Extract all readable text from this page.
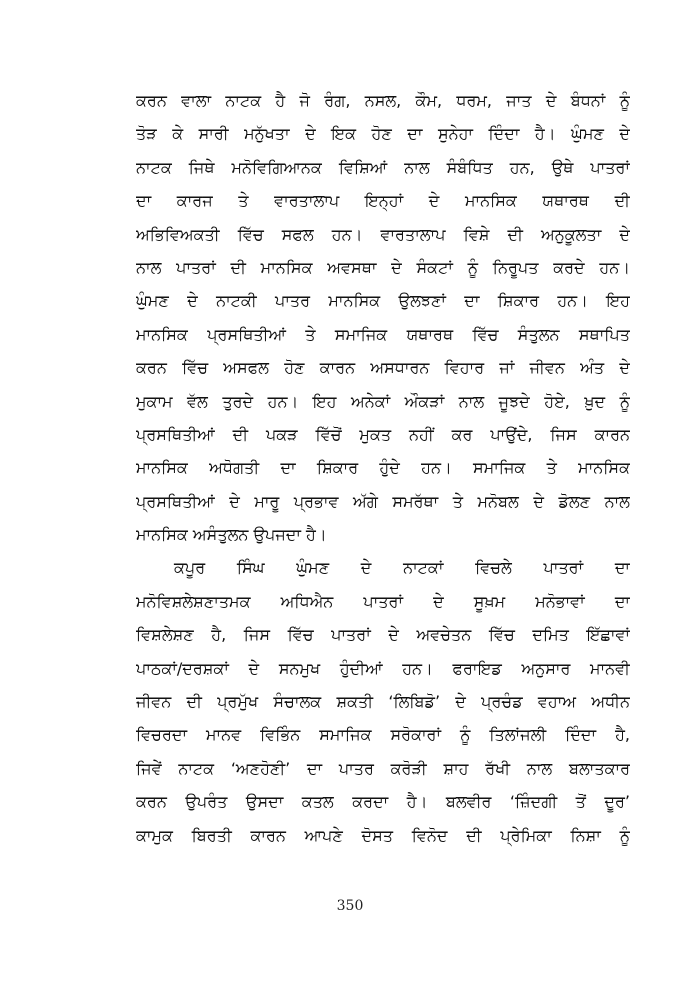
ਕਰਨ ਵਾਲਾ ਨਾਟਕ ਹੈ ਜੋ ਰੰਗ, ਨਸਲ, ਕੌਮ, ਧਰਮ, ਜਾਤ ਦੇ ਬੰਧਨਾਂ ਨੂੰ
ਤੋੜ ਕੇ ਸਾਰੀ ਮਨੁੱਖਤਾ ਦੇ ਇਕ ਹੋਣ ਦਾ ਸੁਨੇਹਾ ਦਿੰਦਾ ਹੈ। ਘੁੰਮਣ ਦੇ
ਨਾਟਕ ਜਿਥੇ ਮਨੋਵਿਗਿਆਨਕ ਵਿਸ਼ਿਆਂ ਨਾਲ ਸੰਬੰਧਿਤ ਹਨ, ਉਥੇ ਪਾਤਰਾਂ
ਦਾ ਕਾਰਜ ਤੇ ਵਾਰਤਾਲਾਪ ਇਨ੍ਹਾਂ ਦੇ ਮਾਨਸਿਕ ਯਥਾਰਥ ਦੀ
ਅਭਿਵਿਅਕਤੀ ਵਿੱਚ ਸਫਲ ਹਨ। ਵਾਰਤਾਲਾਪ ਵਿਸ਼ੇ ਦੀ ਅਨੁਕੂਲਤਾ ਦੇ
ਨਾਲ ਪਾਤਰਾਂ ਦੀ ਮਾਨਸਿਕ ਅਵਸਥਾ ਦੇ ਸੰਕਟਾਂ ਨੂੰ ਨਿਰੂਪਤ ਕਰਦੇ ਹਨ।
ਘੁੰਮਣ ਦੇ ਨਾਟਕੀ ਪਾਤਰ ਮਾਨਸਿਕ ਉਲਝਣਾਂ ਦਾ ਸ਼ਿਕਾਰ ਹਨ। ਇਹ
ਮਾਨਸਿਕ ਪ੍ਰਸਥਿਤੀਆਂ ਤੇ ਸਮਾਜਿਕ ਯਥਾਰਥ ਵਿੱਚ ਸੰਤੁਲਨ ਸਥਾਪਿਤ
ਕਰਨ ਵਿੱਚ ਅਸਫਲ ਹੋਣ ਕਾਰਨ ਅਸਧਾਰਨ ਵਿਹਾਰ ਜਾਂ ਜੀਵਨ ਅੰਤ ਦੇ
ਮੁਕਾਮ ਵੱਲ ਤੁਰਦੇ ਹਨ। ਇਹ ਅਨੇਕਾਂ ਔਕੜਾਂ ਨਾਲ ਜੂਝਦੇ ਹੋਏ, ਖ਼ੁਦ ਨੂੰ
ਪ੍ਰਸਥਿਤੀਆਂ ਦੀ ਪਕੜ ਵਿੱਚੋਂ ਮੁਕਤ ਨਹੀਂ ਕਰ ਪਾਉਂਦੇ, ਜਿਸ ਕਾਰਨ
ਮਾਨਸਿਕ ਅਧੋਗਤੀ ਦਾ ਸ਼ਿਕਾਰ ਹੁੰਦੇ ਹਨ। ਸਮਾਜਿਕ ਤੇ ਮਾਨਸਿਕ
ਪ੍ਰਸਥਿਤੀਆਂ ਦੇ ਮਾਰੂ ਪ੍ਰਭਾਵ ਅੱਗੇ ਸਮਰੱਥਾ ਤੇ ਮਨੋਬਲ ਦੇ ਡੋਲਣ ਨਾਲ
ਮਾਨਸਿਕ ਅਸੰਤੁਲਨ ਉਪਜਦਾ ਹੈ।
ਕਪੂਰ ਸਿੰਘ ਘੁੰਮਣ ਦੇ ਨਾਟਕਾਂ ਵਿਚਲੇ ਪਾਤਰਾਂ ਦਾ
ਮਨੋਵਿਸ਼ਲੇਸ਼ਣਾਤਮਕ ਅਧਿਐਨ ਪਾਤਰਾਂ ਦੇ ਸੂਖ਼ਮ ਮਨੋਭਾਵਾਂ ਦਾ
ਵਿਸ਼ਲੇਸ਼ਣ ਹੈ, ਜਿਸ ਵਿੱਚ ਪਾਤਰਾਂ ਦੇ ਅਵਚੇਤਨ ਵਿੱਚ ਦਮਿਤ ਇੱਛਾਵਾਂ
ਪਾਠਕਾਂ/ਦਰਸ਼ਕਾਂ ਦੇ ਸਨਮੁਖ ਹੁੰਦੀਆਂ ਹਨ। ਫਰਾਇਡ ਅਨੁਸਾਰ ਮਾਨਵੀ
ਜੀਵਨ ਦੀ ਪ੍ਰਮੁੱਖ ਸੰਚਾਲਕ ਸ਼ਕਤੀ ‘ਲਿਬਿਡੋ’ ਦੇ ਪ੍ਰਚੰਡ ਵਹਾਅ ਅਧੀਨ
ਵਿਚਰਦਾ ਮਾਨਵ ਵਿਭਿੰਨ ਸਮਾਜਿਕ ਸਰੋਕਾਰਾਂ ਨੂੰ ਤਿਲਾਂਜਲੀ ਦਿੰਦਾ ਹੈ,
ਜਿਵੇਂ ਨਾਟਕ ‘ਅਣਹੋਣੀ’ ਦਾ ਪਾਤਰ ਕਰੋੜੀ ਸ਼ਾਹ ਰੱਖੀ ਨਾਲ ਬਲਾਤਕਾਰ
ਕਰਨ ਉਪਰੰਤ ਉਸਦਾ ਕਤਲ ਕਰਦਾ ਹੈ। ਬਲਵੀਰ ‘ਜ਼ਿੰਦਗੀ ਤੋਂ ਦੂਰ’
ਕਾਮੁਕ ਬਿਰਤੀ ਕਾਰਨ ਆਪਣੇ ਦੋਸਤ ਵਿਨੋਦ ਦੀ ਪ੍ਰੇਮਿਕਾ ਨਿਸ਼ਾ ਨੂੰ
350
